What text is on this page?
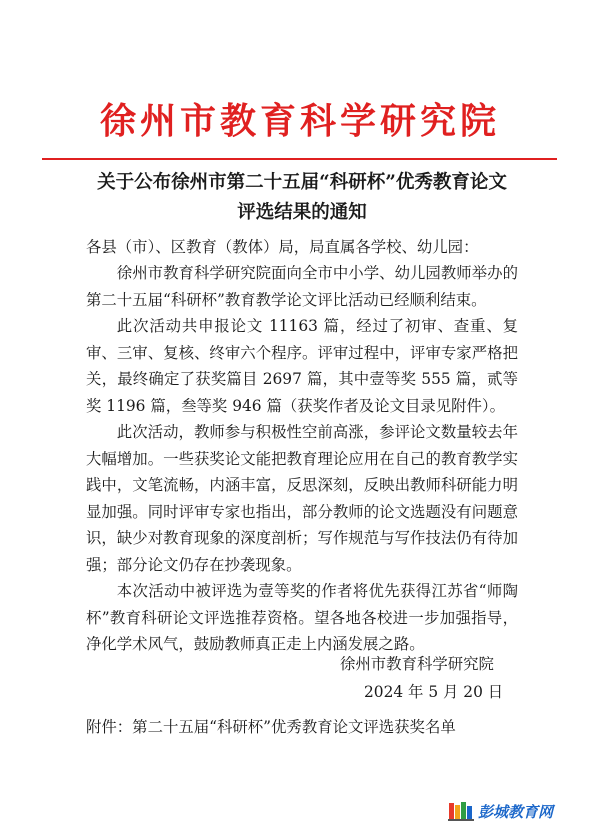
徐州市教育科学研究院
关于公布徐州市第二十五届“科研杯”优秀教育论文
评选结果的通知
各县（市）、区教育（教体）局，局直属各学校、幼儿园：

徐州市教育科学研究院面向全市中小学、幼儿园教师举办的第二十五届“科研杯”教育教学论文评比活动已经顺利结束。

此次活动共申报论文 11163 篇，经过了初审、查重、复审、三审、复核、终审六个程序。评审过程中，评审专家严格把关，最终确定了获奖篇目 2697 篇，其中壹等奖 555 篇，贰等奖 1196 篇，叁等奖 946 篇（获奖作者及论文目录见附件）。

此次活动，教师参与积极性空前高涨，参评论文数量较去年大幅增加。一些获奖论文能把教育理论应用在自己的教育教学实践中，文笔流畅，内涵丰富，反思深刻，反映出教师科研能力明显加强。同时评审专家也指出，部分教师的论文选题没有问题意识，缺少对教育现象的深度剖析；写作规范与写作技法仍有待加强；部分论文仍存在抄袭现象。

本次活动中被评选为壹等奖的作者将优先获得江苏省“师陶杯”教育科研论文评选推荐资格。望各地各校进一步加强指导，净化学术风气，鼓励教师真正走上内涵发展之路。

徐州市教育科学研究院
2024 年 5 月 20 日
附件：第二十五届“科研杯”优秀教育论文评选获奖名单
彭城教育网
